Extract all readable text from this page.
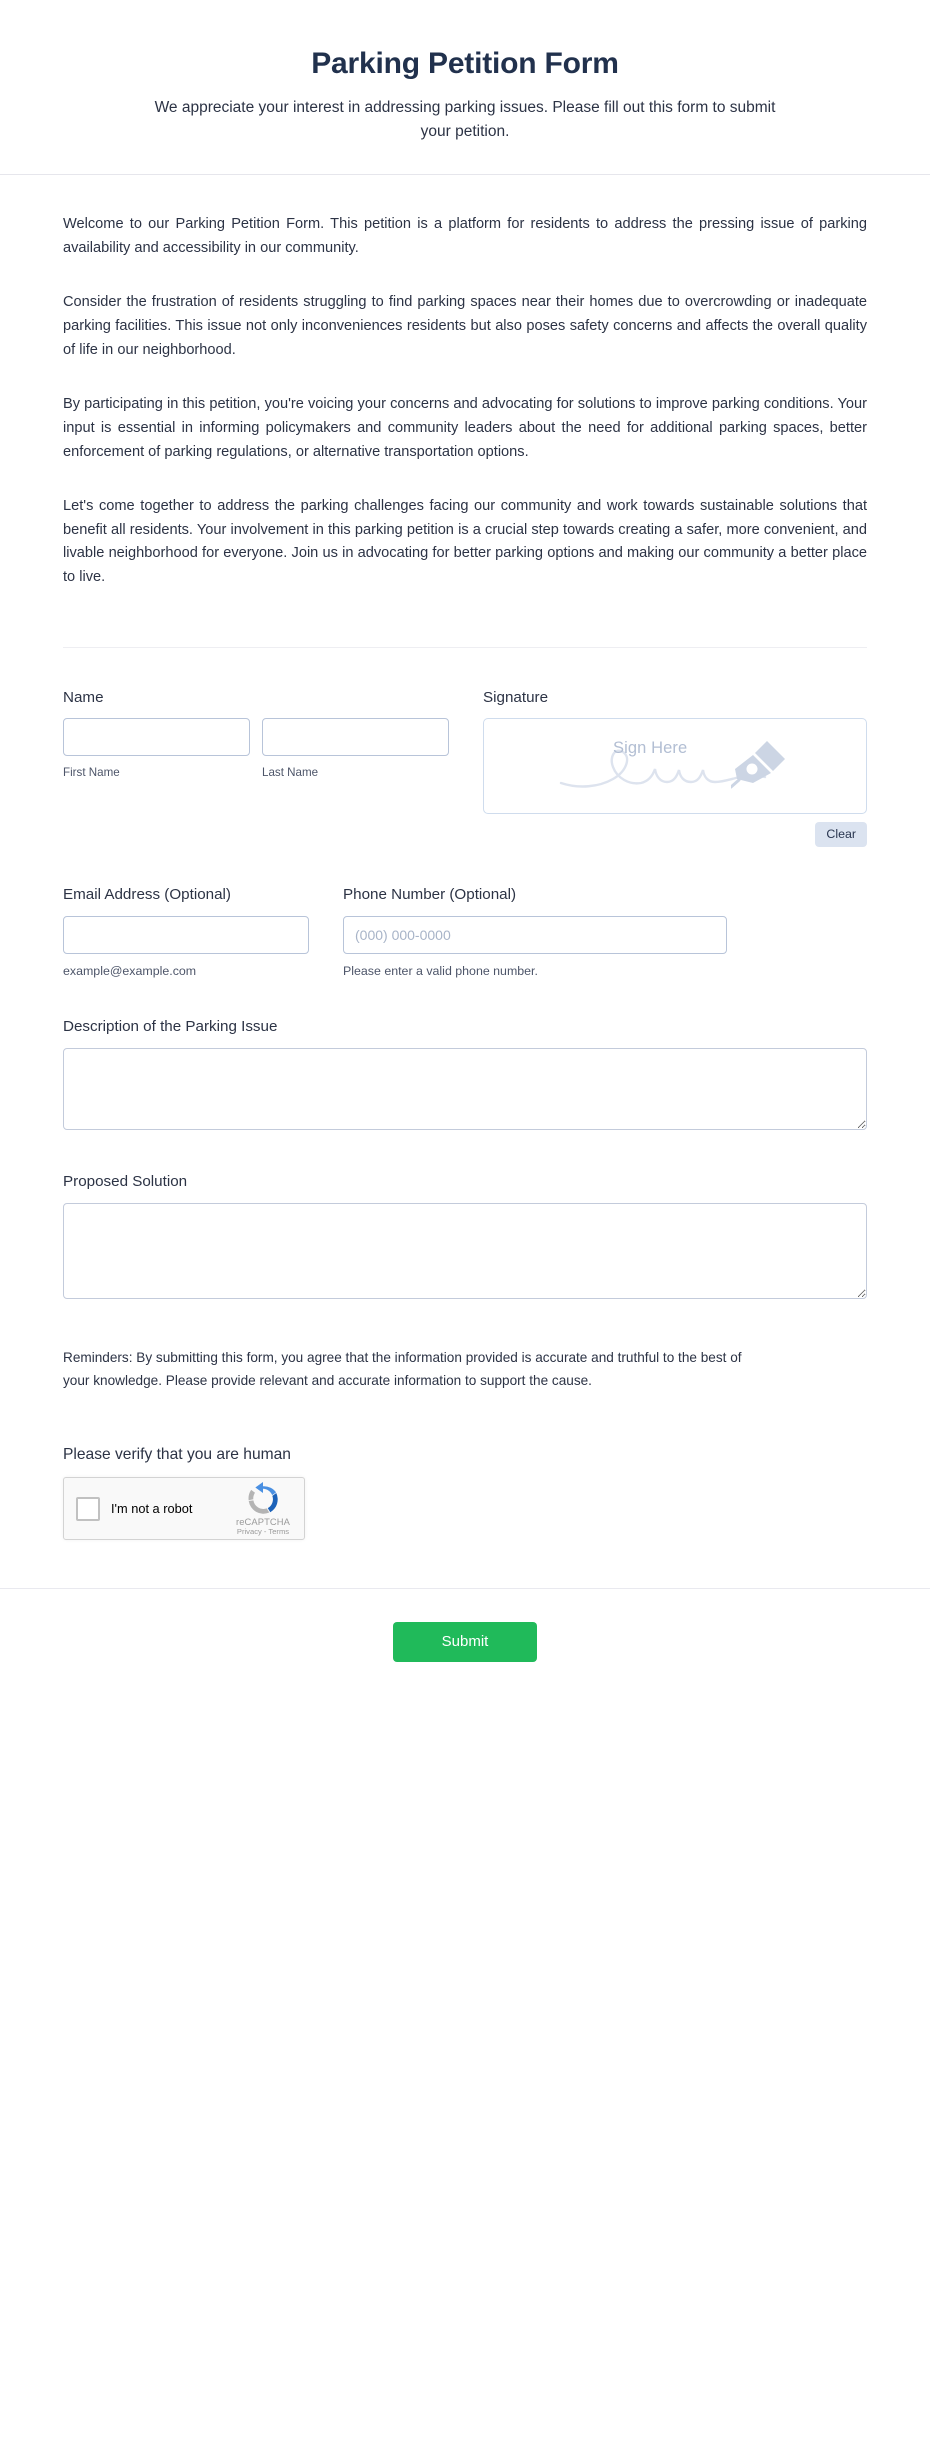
Parking Petition Form

We appreciate your interest in addressing parking issues. Please fill out this form to submit your petition.

Welcome to our Parking Petition Form. This petition is a platform for residents to address the pressing issue of parking availability and accessibility in our community.

Consider the frustration of residents struggling to find parking spaces near their homes due to overcrowding or inadequate parking facilities. This issue not only inconveniences residents but also poses safety concerns and affects the overall quality of life in our neighborhood.

By participating in this petition, you're voicing your concerns and advocating for solutions to improve parking conditions. Your input is essential in informing policymakers and community leaders about the need for additional parking spaces, better enforcement of parking regulations, or alternative transportation options.

Let's come together to address the parking challenges facing our community and work towards sustainable solutions that benefit all residents. Your involvement in this parking petition is a crucial step towards creating a safer, more convenient, and livable neighborhood for everyone. Join us in advocating for better parking options and making our community a better place to live.

Name
First Name	Last Name
Signature
Sign Here
Clear
Email Address (Optional)
example@example.com
Phone Number (Optional)
(000) 000-0000
Please enter a valid phone number.
Description of the Parking Issue
Proposed Solution

Reminders: By submitting this form, you agree that the information provided is accurate and truthful to the best of your knowledge. Please provide relevant and accurate information to support the cause.

Please verify that you are human
I'm not a robot
reCAPTCHA
Privacy - Terms
Submit
